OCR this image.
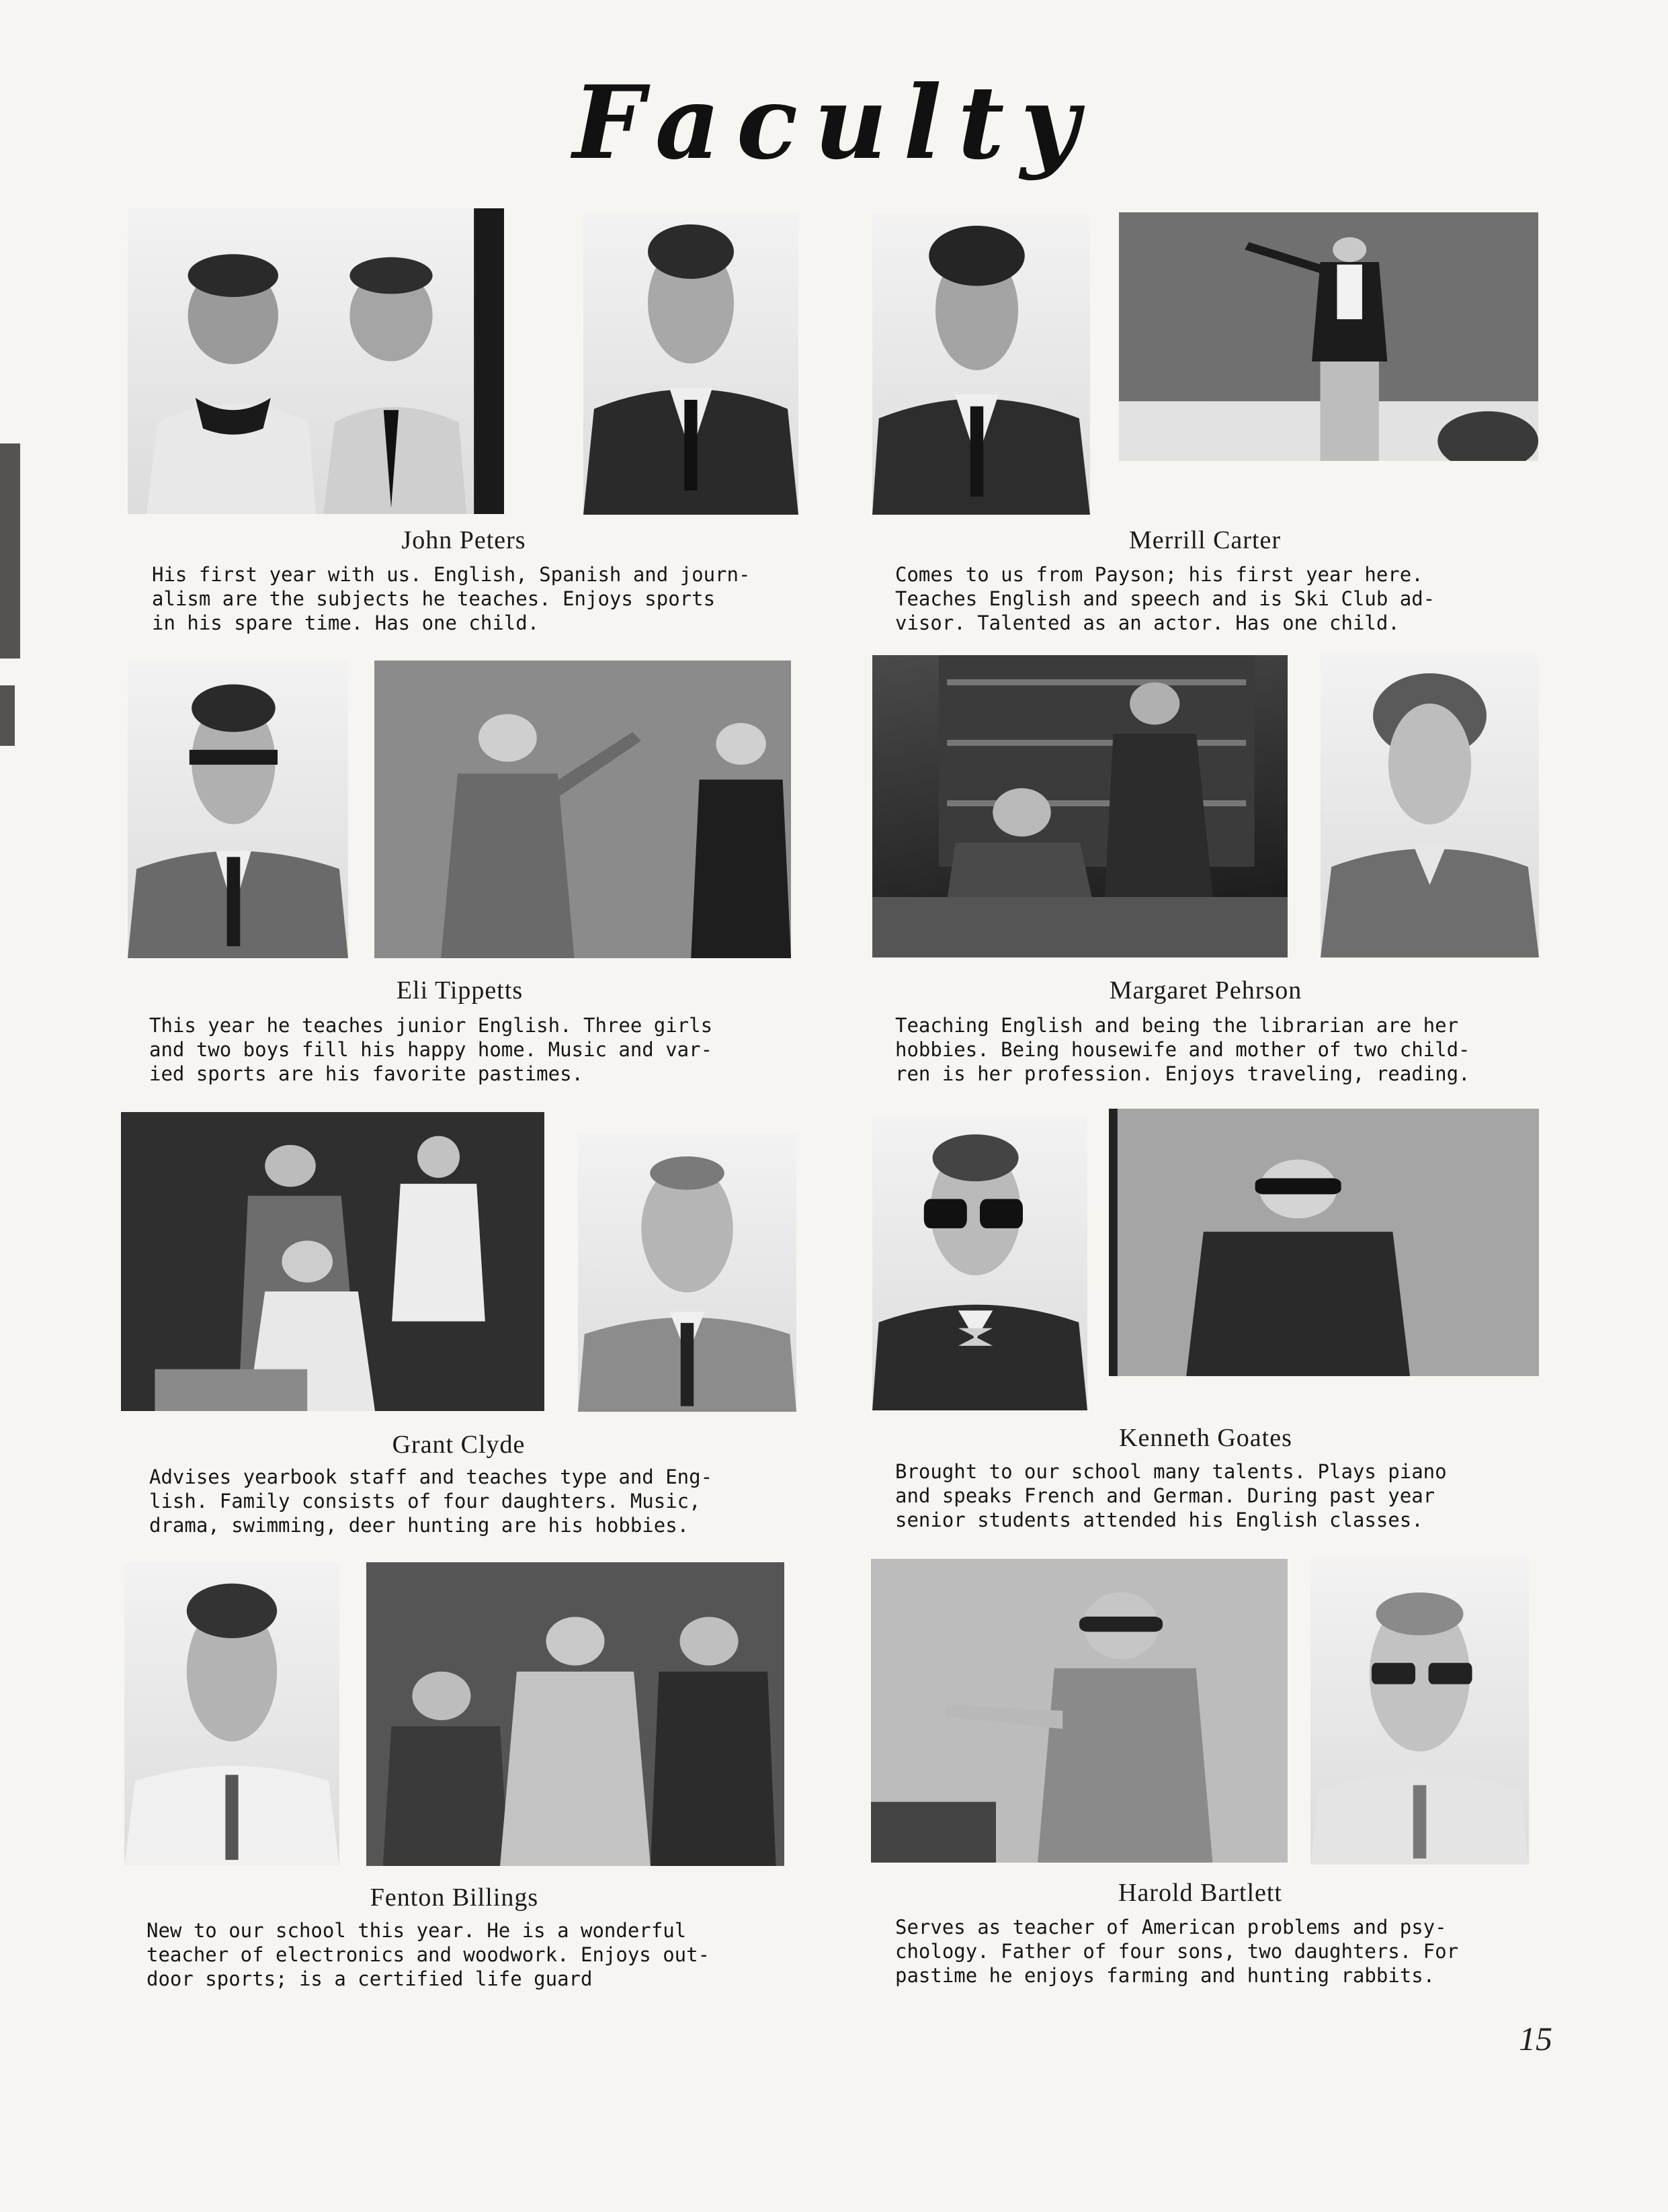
Faculty
John Peters
His first year with us. English, Spanish and journ-
alism are the subjects he teaches. Enjoys sports
in his spare time. Has one child.
Merrill Carter
Comes to us from Payson; his first year here.
Teaches English and speech and is Ski Club ad-
visor. Talented as an actor. Has one child.
Eli Tippetts
This year he teaches junior English. Three girls
and two boys fill his happy home. Music and var-
ied sports are his favorite pastimes.
Margaret Pehrson
Teaching English and being the librarian are her
hobbies. Being housewife and mother of two child-
ren is her profession. Enjoys traveling, reading.
Grant Clyde
Advises yearbook staff and teaches type and Eng-
lish. Family consists of four daughters. Music,
drama, swimming, deer hunting are his hobbies.
Kenneth Goates
Brought to our school many talents. Plays piano
and speaks French and German. During past year
senior students attended his English classes.
Fenton Billings
New to our school this year. He is a wonderful
teacher of electronics and woodwork. Enjoys out-
door sports; is a certified life guard
Harold Bartlett
Serves as teacher of American problems and psy-
chology. Father of four sons, two daughters. For
pastime he enjoys farming and hunting rabbits.
15
